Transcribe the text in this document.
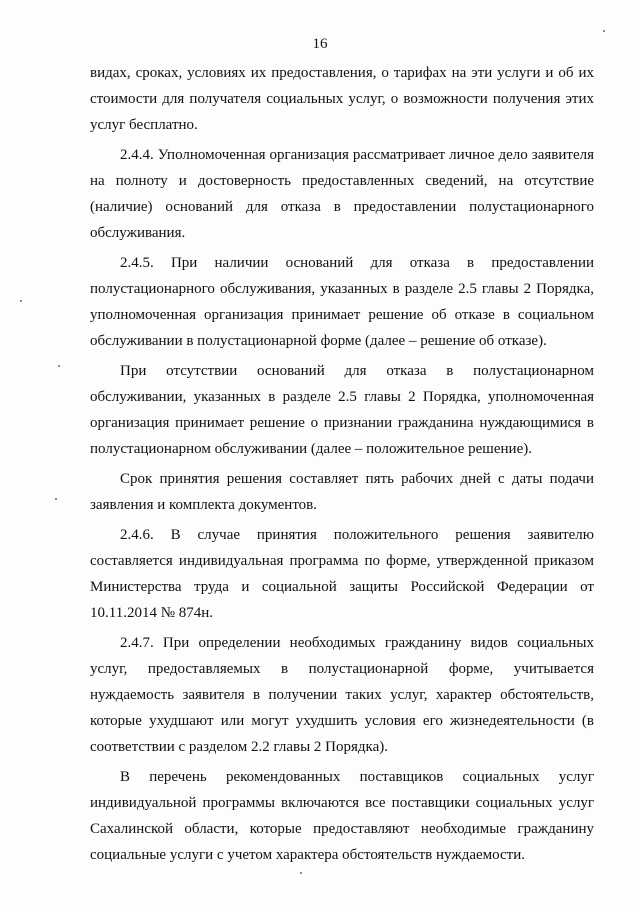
16

видах, сроках, условиях их предоставления, о тарифах на эти услуги и об их стоимости для получателя социальных услуг, о возможности получения этих услуг бесплатно.

2.4.4. Уполномоченная организация рассматривает личное дело заявителя на полноту и достоверность предоставленных сведений, на отсутствие (наличие) оснований для отказа в предоставлении полустационарного обслуживания.

2.4.5. При наличии оснований для отказа в предоставлении полустационарного обслуживания, указанных в разделе 2.5 главы 2 Порядка, уполномоченная организация принимает решение об отказе в социальном обслуживании в полустационарной форме (далее – решение об отказе).

При отсутствии оснований для отказа в полустационарном обслуживании, указанных в разделе 2.5 главы 2 Порядка, уполномоченная организация принимает решение о признании гражданина нуждающимися в полустационарном обслуживании (далее – положительное решение).

Срок принятия решения составляет пять рабочих дней с даты подачи заявления и комплекта документов.

2.4.6. В случае принятия положительного решения заявителю составляется индивидуальная программа по форме, утвержденной приказом Министерства труда и социальной защиты Российской Федерации от 10.11.2014 № 874н.

2.4.7. При определении необходимых гражданину видов социальных услуг, предоставляемых в полустационарной форме, учитывается нуждаемость заявителя в получении таких услуг, характер обстоятельств, которые ухудшают или могут ухудшить условия его жизнедеятельности (в соответствии с разделом 2.2 главы 2 Порядка).

В перечень рекомендованных поставщиков социальных услуг индивидуальной программы включаются все поставщики социальных услуг Сахалинской области, которые предоставляют необходимые гражданину социальные услуги с учетом характера обстоятельств нуждаемости.
